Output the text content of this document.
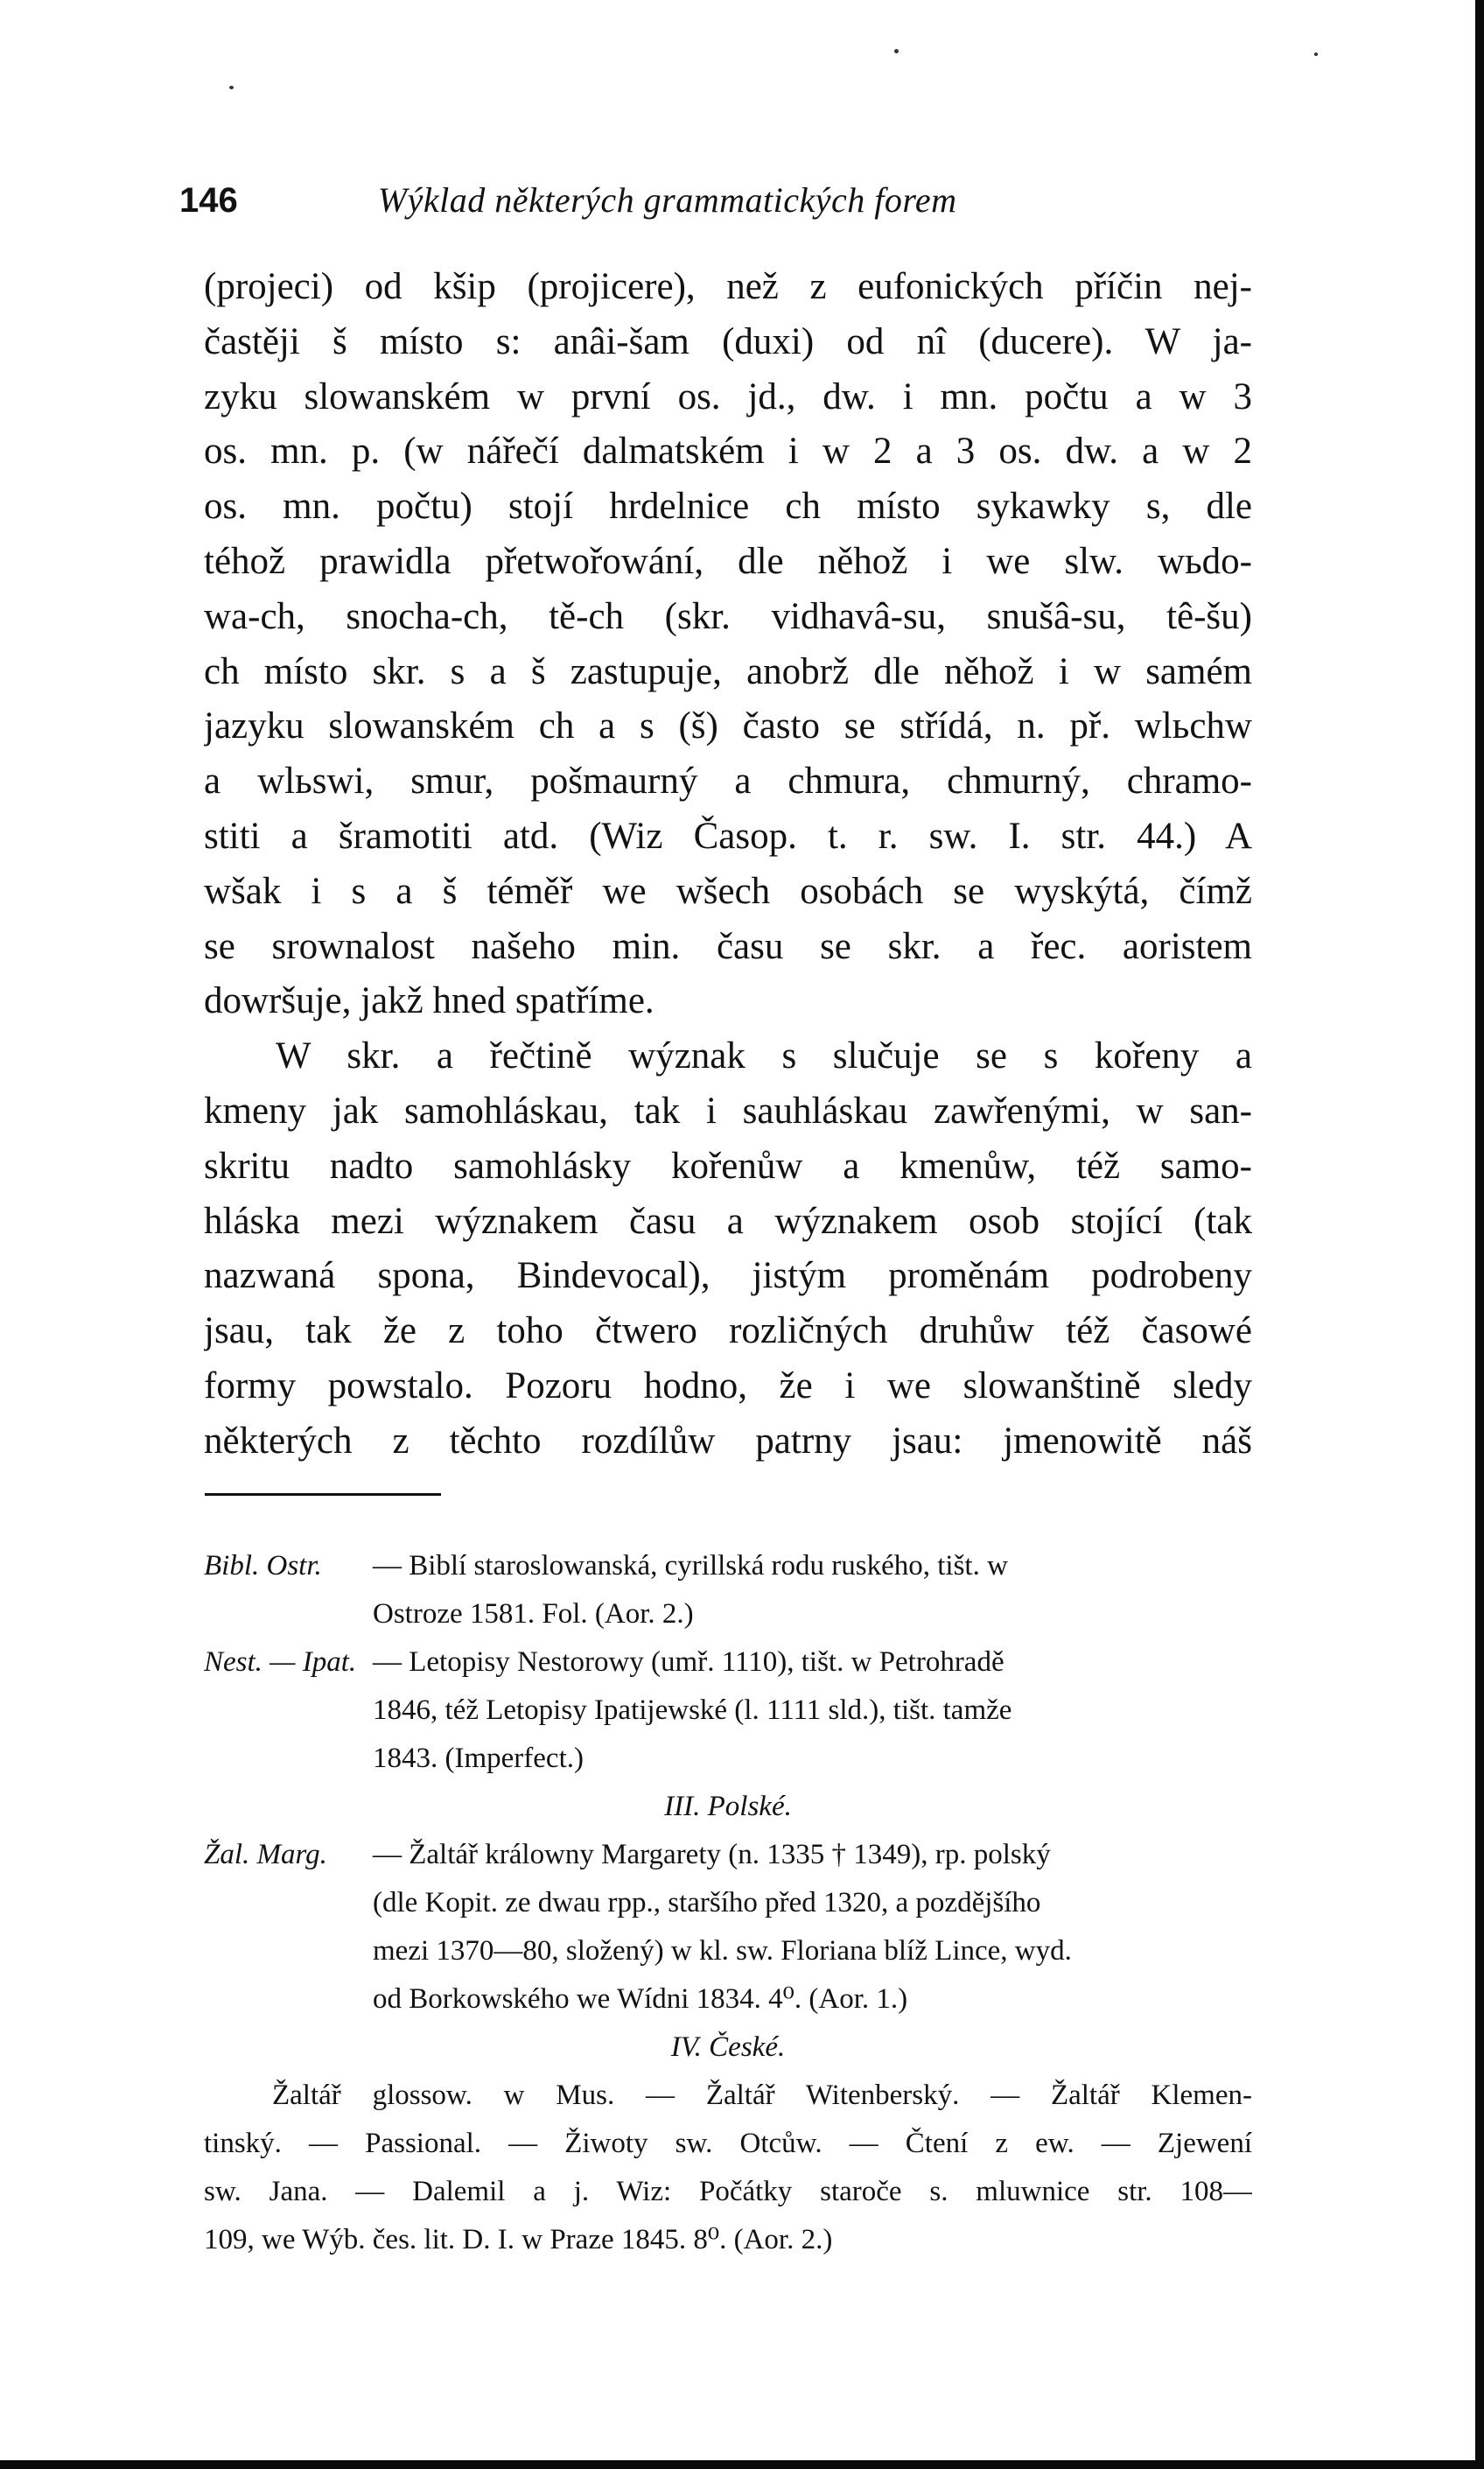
146	Wýklad některých grammatických forem
(projeci) od kšip (projicere), než z eufonických příčin nej-
častěji š místo s: anâi-šam (duxi) od nî (ducere). W ja-
zyku slowanském w první os. jd., dw. i mn. počtu a w 3
os. mn. p. (w nářečí dalmatském i w 2 a 3 os. dw. a w 2
os. mn. počtu) stojí hrdelnice ch místo sykawky s, dle
téhož prawidla přetwořowání, dle něhož i we slw. wьdo-
wa-ch, snocha-ch, tě-ch (skr. vidhavâ-su, snušâ-su, tê-šu)
ch místo skr. s a š zastupuje, anobrž dle něhož i w samém
jazyku slowanském ch a s (š) často se střídá, n. př. wlьchw
a wlьswi, smur, pošmaurný a chmura, chmurný, chramo-
stiti a šramotiti atd. (Wiz Časop. t. r. sw. I. str. 44.) A
wšak i s a š téměř we wšech osobách se wyskýtá, čímž
se srownalost našeho min. času se skr. a řec. aoristem
dowršuje, jakž hned spatříme.
W skr. a řečtině wýznak s slučuje se s kořeny a
kmeny jak samohláskau, tak i sauhláskau zawřenými, w san-
skritu nadto samohlásky kořenůw a kmenůw, též samo-
hláska mezi wýznakem času a wýznakem osob stojící (tak
nazwaná spona, Bindevocal), jistým proměnám podrobeny
jsau, tak že z toho čtwero rozličných druhůw též časowé
formy powstalo. Pozoru hodno, že i we slowanštině sledy
některých z těchto rozdílůw patrny jsau: jmenowitě náš
Bibl. Ostr. — Biblí staroslowanská, cyrillská rodu ruského, tišt. w
Ostroze 1581. Fol. (Aor. 2.)
Nest. — Ipat. — Letopisy Nestorowy (umř. 1110), tišt. w Petrohradě
1846, též Letopisy Ipatijewské (l. 1111 sld.), tišt. tamže
1843. (Imperfect.)
III. Polské.
Žal. Marg. — Žaltář králowny Margarety (n. 1335 † 1349), rp. polský
(dle Kopit. ze dwau rpp., staršího před 1320, a pozdějšího
mezi 1370—80, složený) w kl. sw. Floriana blíž Lince, wyd.
od Borkowského we Wídni 1834. 4⁰. (Aor. 1.)
IV. České.
Žaltář glossow. w Mus. — Žaltář Witenberský. — Žaltář Klemen-
tinský. — Passional. — Žiwoty sw. Otcůw. — Čtení z ew. — Zjewení
sw. Jana. — Dalemil a j. Wiz: Počátky staroče s. mluwnice str. 108—
109, we Wýb. čes. lit. D. I. w Praze 1845. 8⁰. (Aor. 2.)
